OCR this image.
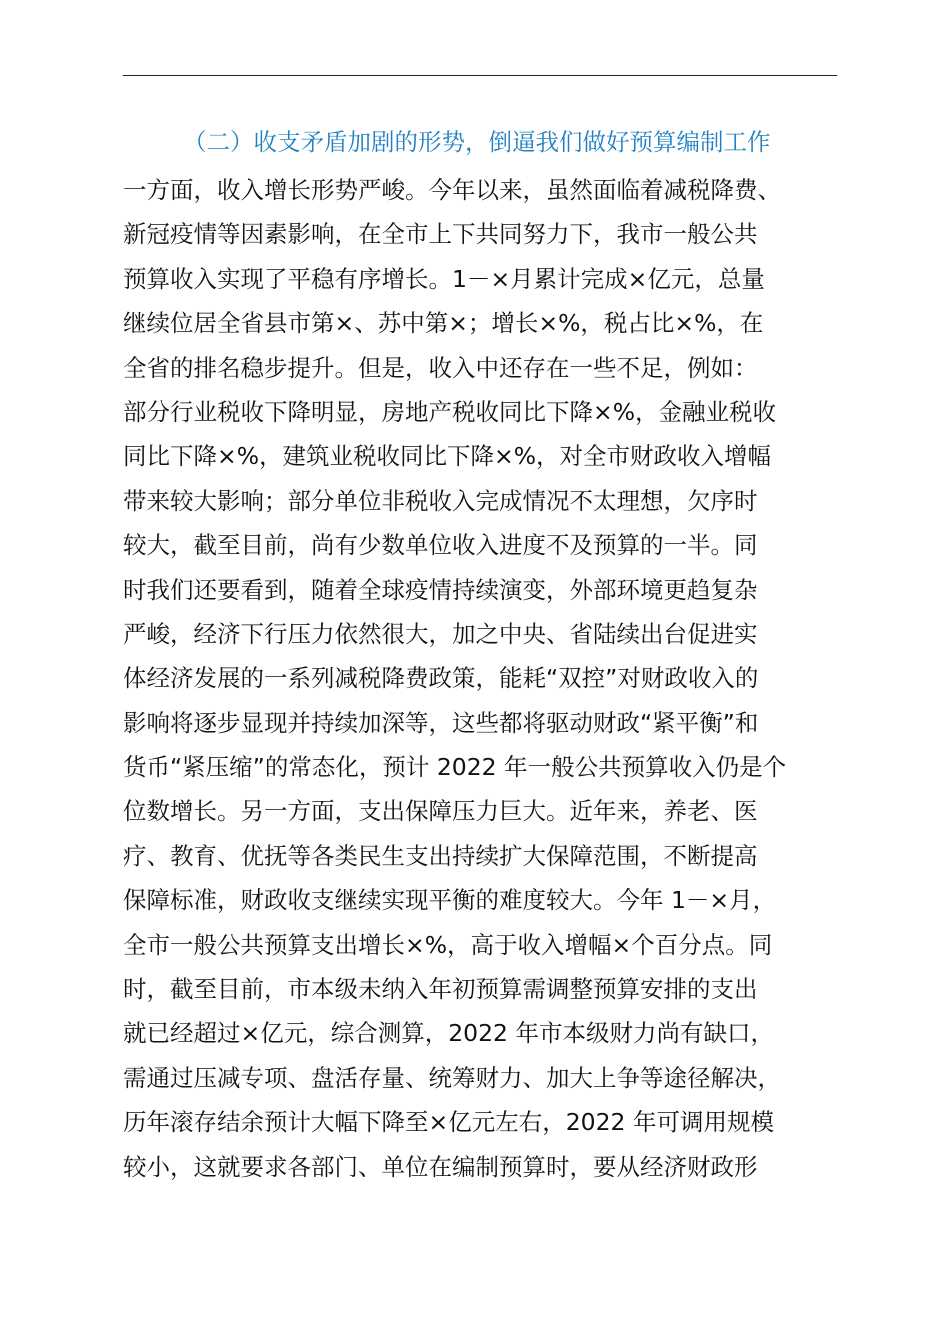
（二）收支矛盾加剧的形势，倒逼我们做好预算编制工作
一方面，收入增长形势严峻。今年以来，虽然面临着减税降费、
新冠疫情等因素影响，在全市上下共同努力下，我市一般公共
预算收入实现了平稳有序增长。1－×月累计完成×亿元，总量
继续位居全省县市第×、苏中第×；增长×%，税占比×%，在
全省的排名稳步提升。但是，收入中还存在一些不足，例如：
部分行业税收下降明显，房地产税收同比下降×%，金融业税收
同比下降×%，建筑业税收同比下降×%，对全市财政收入增幅
带来较大影响；部分单位非税收入完成情况不太理想，欠序时
较大，截至目前，尚有少数单位收入进度不及预算的一半。同
时我们还要看到，随着全球疫情持续演变，外部环境更趋复杂
严峻，经济下行压力依然很大，加之中央、省陆续出台促进实
体经济发展的一系列减税降费政策，能耗“双控”对财政收入的
影响将逐步显现并持续加深等，这些都将驱动财政“紧平衡”和
货币“紧压缩”的常态化，预计 2022 年一般公共预算收入仍是个
位数增长。另一方面，支出保障压力巨大。近年来，养老、医
疗、教育、优抚等各类民生支出持续扩大保障范围，不断提高
保障标准，财政收支继续实现平衡的难度较大。今年 1－×月，
全市一般公共预算支出增长×%，高于收入增幅×个百分点。同
时，截至目前，市本级未纳入年初预算需调整预算安排的支出
就已经超过×亿元，综合测算，2022 年市本级财力尚有缺口，
需通过压减专项、盘活存量、统筹财力、加大上争等途径解决，
历年滚存结余预计大幅下降至×亿元左右，2022 年可调用规模
较小，这就要求各部门、单位在编制预算时，要从经济财政形
